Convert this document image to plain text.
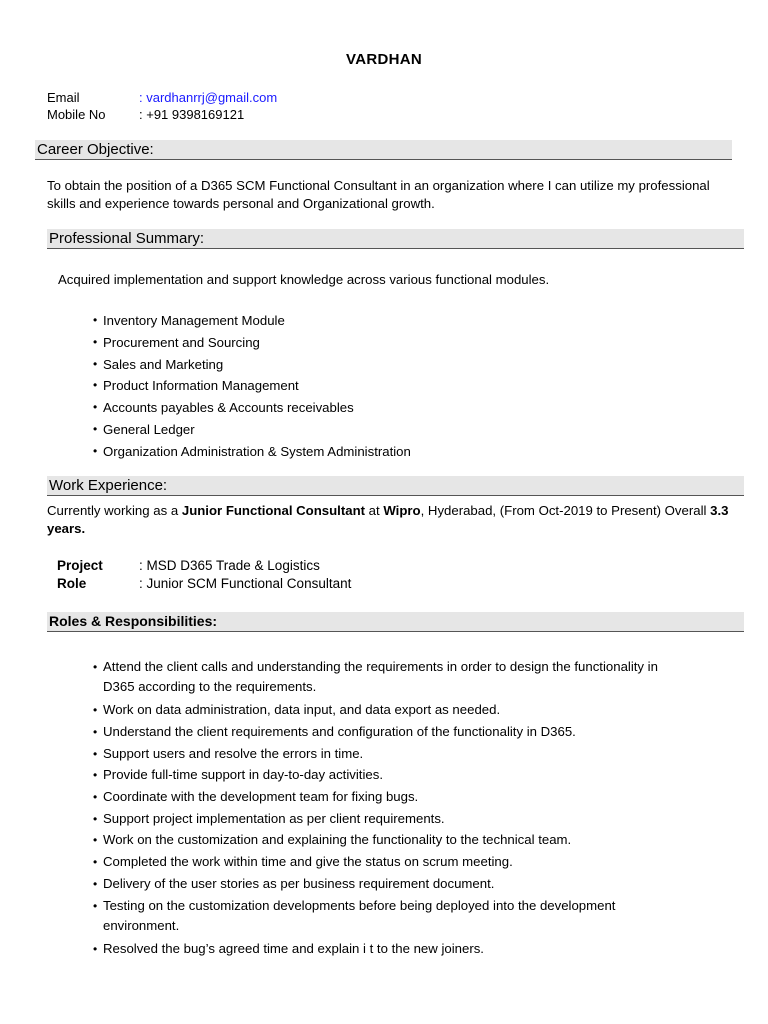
VARDHAN
Email	: vardhanrrj@gmail.com
Mobile No	: +91 9398169121
Career Objective:
To obtain the position of a D365 SCM Functional Consultant in an organization where I can utilize my professional skills and experience towards personal and Organizational growth.
Professional Summary:
Acquired implementation and support knowledge across various functional modules.
• Inventory Management Module
• Procurement and Sourcing
• Sales and Marketing
• Product Information Management
• Accounts payables & Accounts receivables
• General Ledger
• Organization Administration & System Administration
Work Experience:
Currently working as a Junior Functional Consultant at Wipro, Hyderabad, (From Oct-2019 to Present) Overall 3.3 years.
Project	: MSD D365 Trade & Logistics
Role	: Junior SCM Functional Consultant
Roles & Responsibilities:
• Attend the client calls and understanding the requirements in order to design the functionality in D365 according to the requirements.
• Work on data administration, data input, and data export as needed.
• Understand the client requirements and configuration of the functionality in D365.
• Support users and resolve the errors in time.
• Provide full-time support in day-to-day activities.
• Coordinate with the development team for fixing bugs.
• Support project implementation as per client requirements.
• Work on the customization and explaining the functionality to the technical team.
• Completed the work within time and give the status on scrum meeting.
• Delivery of the user stories as per business requirement document.
• Testing on the customization developments before being deployed into the development environment.
• Resolved the bug’s agreed time and explain i t to the new joiners.
